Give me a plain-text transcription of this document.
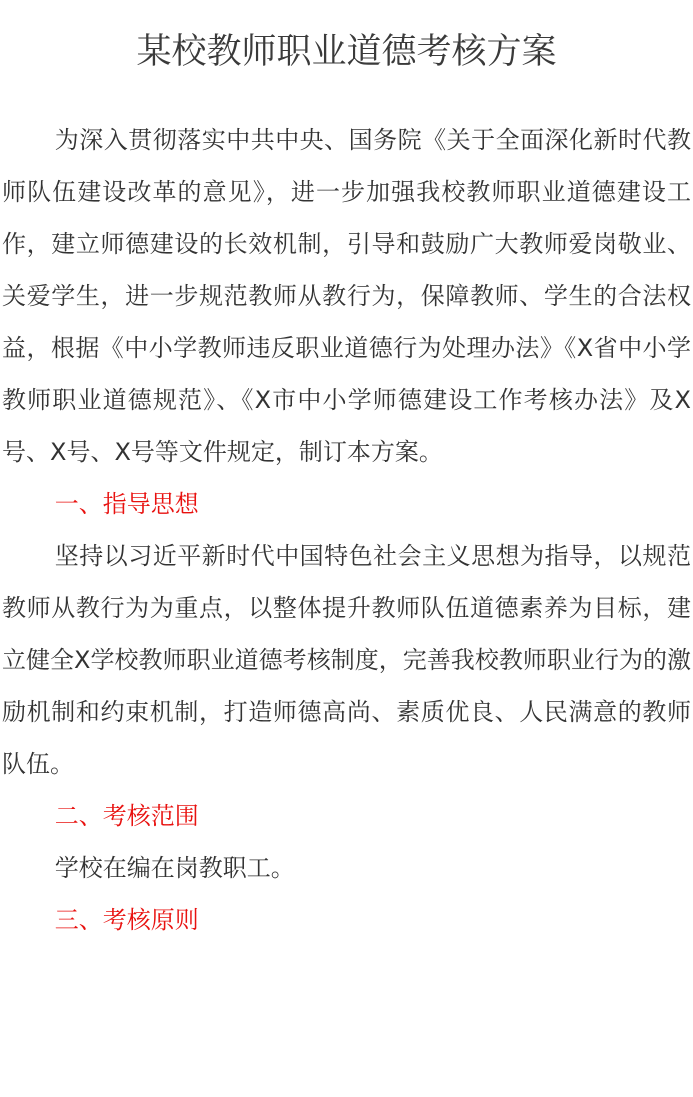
某校教师职业道德考核方案

为深入贯彻落实中共中央、国务院《关于全面深化新时代教师队伍建设改革的意见》，进一步加强我校教师职业道德建设工作，建立师德建设的长效机制，引导和鼓励广大教师爱岗敬业、关爱学生，进一步规范教师从教行为，保障教师、学生的合法权益，根据《中小学教师违反职业道德行为处理办法》《X省中小学教师职业道德规范》、《X市中小学师德建设工作考核办法》及X号、X号、X号等文件规定，制订本方案。

一、指导思想

坚持以习近平新时代中国特色社会主义思想为指导，以规范教师从教行为为重点，以整体提升教师队伍道德素养为目标，建立健全X学校教师职业道德考核制度，完善我校教师职业行为的激励机制和约束机制，打造师德高尚、素质优良、人民满意的教师队伍。

二、考核范围

学校在编在岗教职工。

三、考核原则
